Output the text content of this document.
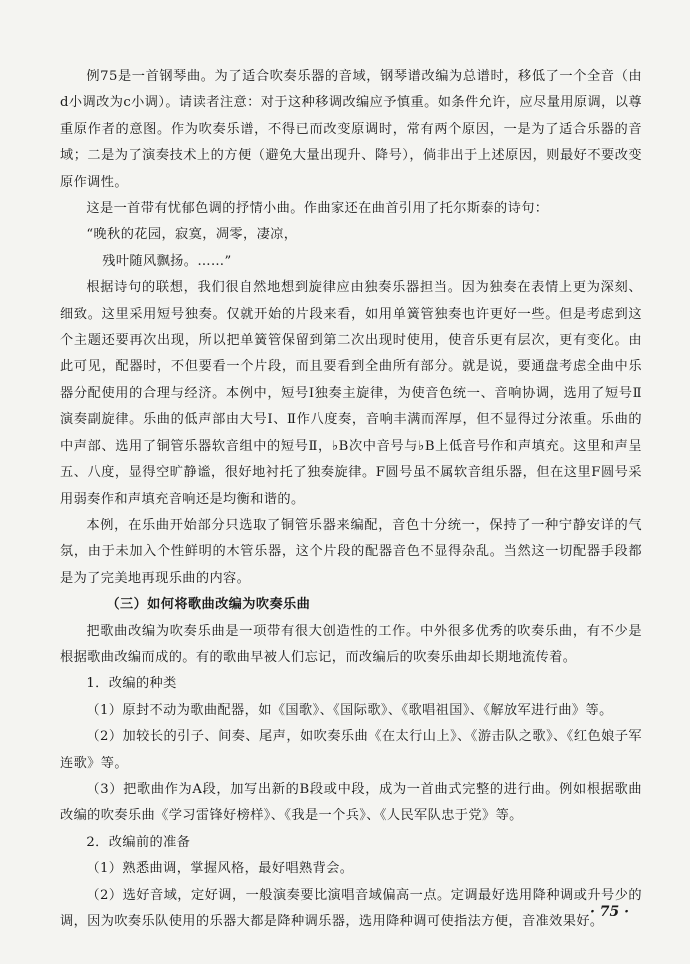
例75是一首钢琴曲。为了适合吹奏乐器的音域，钢琴谱改编为总谱时，移低了一个全音（由d小调改为c小调）。请读者注意：对于这种移调改编应予慎重。如条件允许，应尽量用原调，以尊重原作者的意图。作为吹奏乐谱，不得已而改变原调时，常有两个原因，一是为了适合乐器的音域；二是为了演奏技术上的方便（避免大量出现升、降号），倘非出于上述原因，则最好不要改变原作调性。

这是一首带有忧郁色调的抒情小曲。作曲家还在曲首引用了托尔斯泰的诗句：

“晚秋的花园，寂寞，凋零，凄凉，

残叶随风飘扬。……”

根据诗句的联想，我们很自然地想到旋律应由独奏乐器担当。因为独奏在表情上更为深刻、细致。这里采用短号独奏。仅就开始的片段来看，如用单簧管独奏也许更好一些。但是考虑到这个主题还要再次出现，所以把单簧管保留到第二次出现时使用，使音乐更有层次，更有变化。由此可见，配器时，不但要看一个片段，而且要看到全曲所有部分。就是说，要通盘考虑全曲中乐器分配使用的合理与经济。本例中，短号Ⅰ独奏主旋律，为使音色统一、音响协调，选用了短号Ⅱ演奏副旋律。乐曲的低声部由大号Ⅰ、Ⅱ作八度奏，音响丰满而浑厚，但不显得过分浓重。乐曲的中声部、选用了铜管乐器软音组中的短号Ⅱ，♭B次中音号与♭B上低音号作和声填充。这里和声呈五、八度，显得空旷静谧，很好地衬托了独奏旋律。F圆号虽不属软音组乐器，但在这里F圆号采用弱奏作和声填充音响还是均衡和谐的。

本例，在乐曲开始部分只选取了铜管乐器来编配，音色十分统一，保持了一种宁静安详的气氛，由于未加入个性鲜明的木管乐器，这个片段的配器音色不显得杂乱。当然这一切配器手段都是为了完美地再现乐曲的内容。

（三）如何将歌曲改编为吹奏乐曲

把歌曲改编为吹奏乐曲是一项带有很大创造性的工作。中外很多优秀的吹奏乐曲，有不少是根据歌曲改编而成的。有的歌曲早被人们忘记，而改编后的吹奏乐曲却长期地流传着。

1．改编的种类

（1）原封不动为歌曲配器，如《国歌》、《国际歌》、《歌唱祖国》、《解放军进行曲》等。

（2）加较长的引子、间奏、尾声，如吹奏乐曲《在太行山上》、《游击队之歌》、《红色娘子军连歌》等。

（3）把歌曲作为A段，加写出新的B段或中段，成为一首曲式完整的进行曲。例如根据歌曲改编的吹奏乐曲《学习雷锋好榜样》、《我是一个兵》、《人民军队忠于党》等。

2．改编前的准备

（1）熟悉曲调，掌握风格，最好唱熟背会。

（2）选好音域，定好调，一般演奏要比演唱音域偏高一点。定调最好选用降种调或升号少的调，因为吹奏乐队使用的乐器大都是降种调乐器，选用降种调可使指法方便，音准效果好。

· 75 ·
